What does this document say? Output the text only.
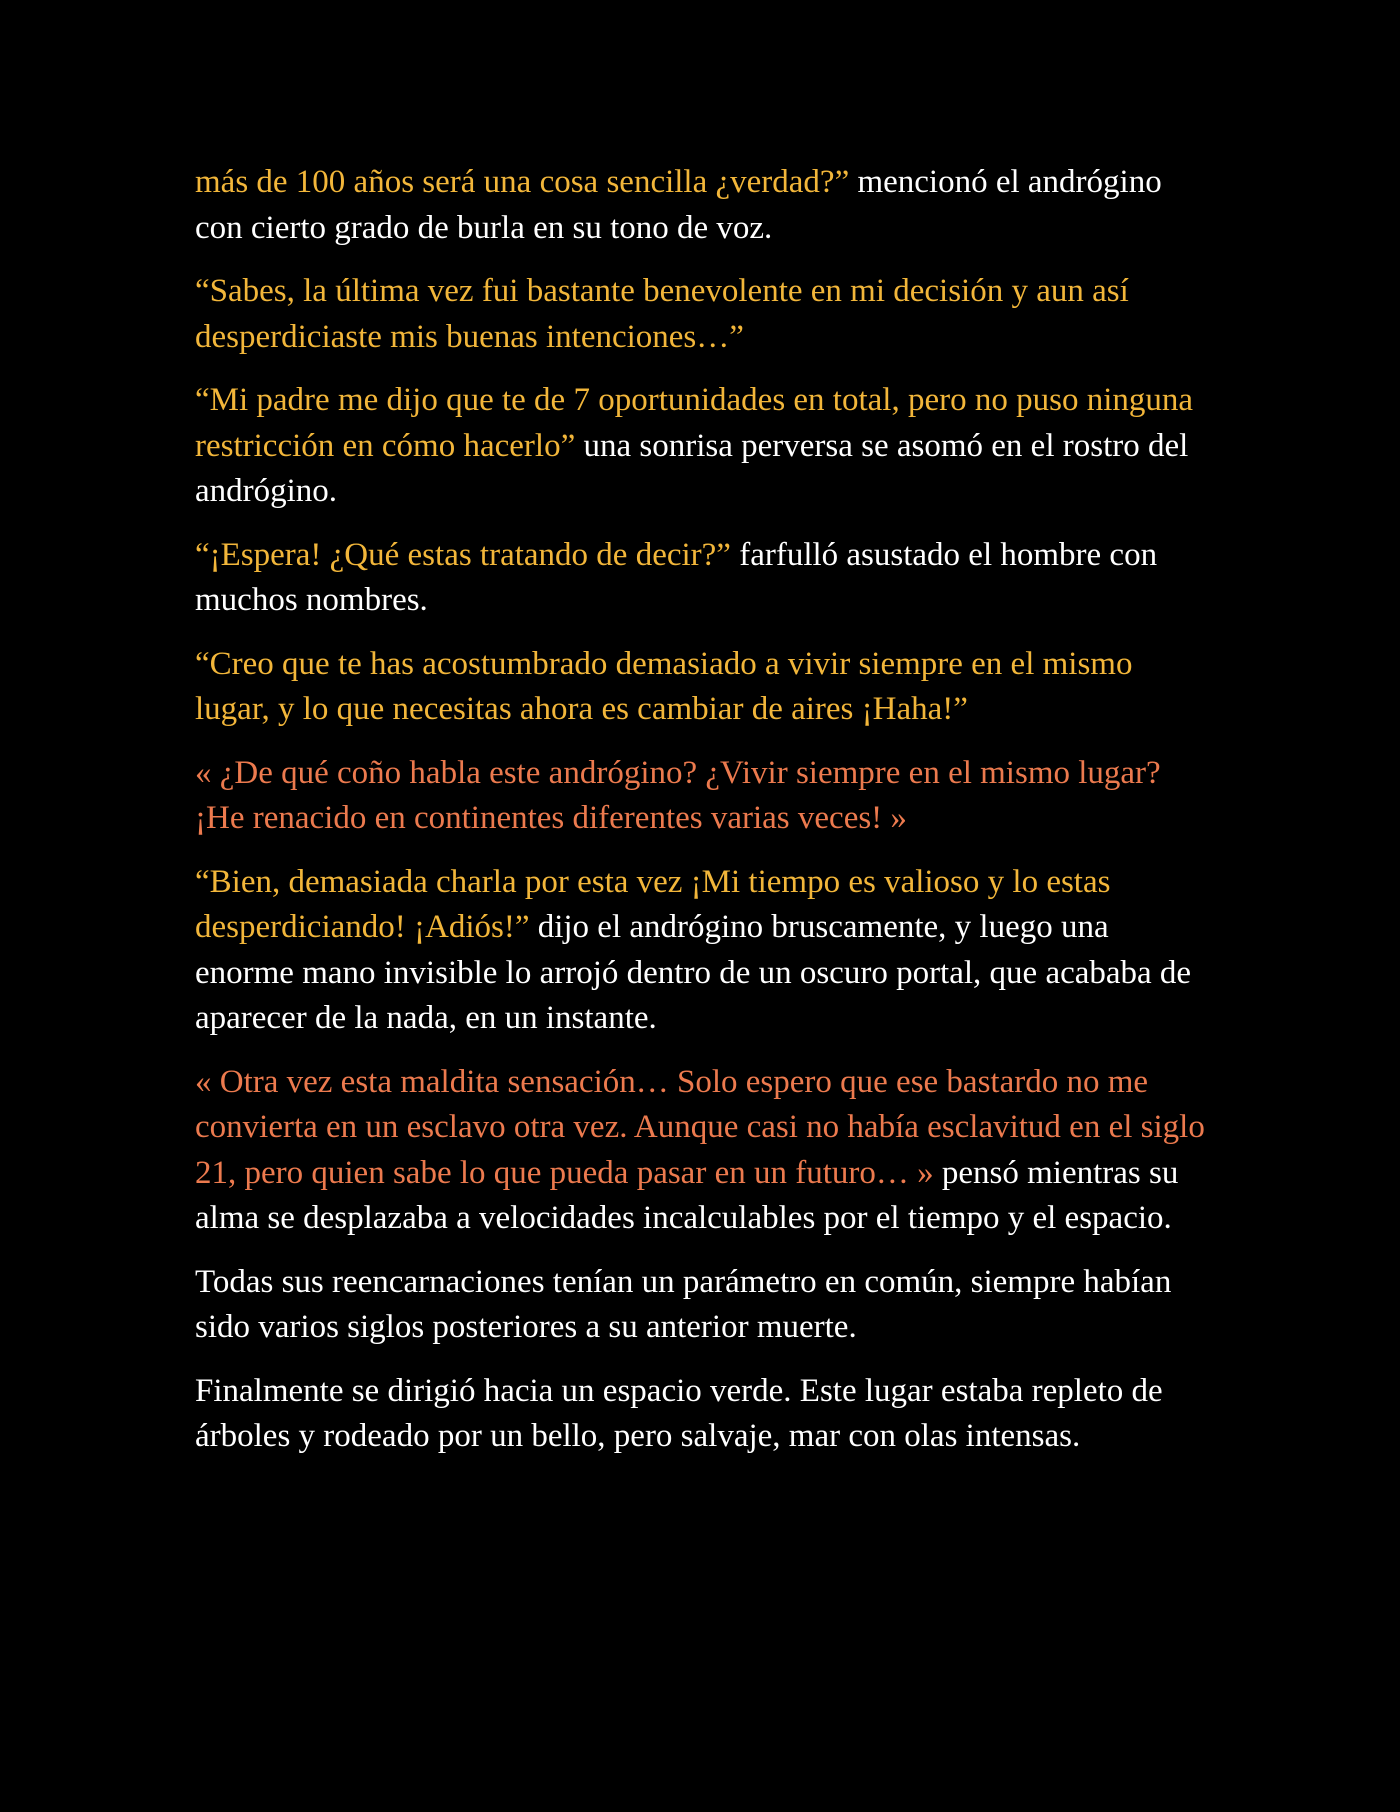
más de 100 años será una cosa sencilla ¿verdad?” mencionó el andrógino con cierto grado de burla en su tono de voz.

“Sabes, la última vez fui bastante benevolente en mi decisión y aun así desperdiciaste mis buenas intenciones…”

“Mi padre me dijo que te de 7 oportunidades en total, pero no puso ninguna restricción en cómo hacerlo” una sonrisa perversa se asomó en el rostro del andrógino.

“¡Espera! ¿Qué estas tratando de decir?” farfulló asustado el hombre con muchos nombres.

“Creo que te has acostumbrado demasiado a vivir siempre en el mismo lugar, y lo que necesitas ahora es cambiar de aires ¡Haha!”

« ¿De qué coño habla este andrógino? ¿Vivir siempre en el mismo lugar? ¡He renacido en continentes diferentes varias veces! »

“Bien, demasiada charla por esta vez ¡Mi tiempo es valioso y lo estas desperdiciando! ¡Adiós!” dijo el andrógino bruscamente, y luego una enorme mano invisible lo arrojó dentro de un oscuro portal, que acababa de aparecer de la nada, en un instante.

« Otra vez esta maldita sensación… Solo espero que ese bastardo no me convierta en un esclavo otra vez. Aunque casi no había esclavitud en el siglo 21, pero quien sabe lo que pueda pasar en un futuro… » pensó mientras su alma se desplazaba a velocidades incalculables por el tiempo y el espacio.

Todas sus reencarnaciones tenían un parámetro en común, siempre habían sido varios siglos posteriores a su anterior muerte.

Finalmente se dirigió hacia un espacio verde. Este lugar estaba repleto de árboles y rodeado por un bello, pero salvaje, mar con olas intensas.
